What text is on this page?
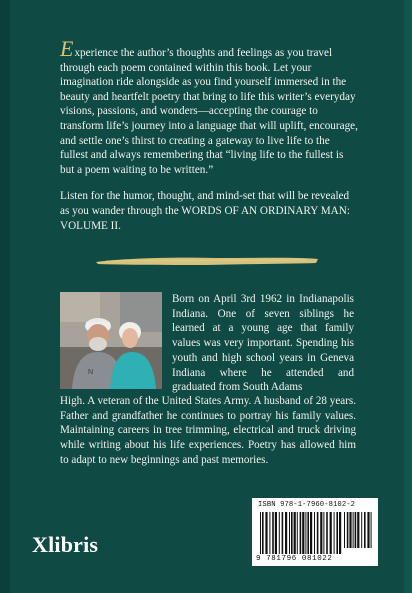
Experience the author’s thoughts and feelings as you travel through each poem contained within this book. Let your imagination ride alongside as you find yourself immersed in the beauty and heartfelt poetry that bring to life this writer’s everyday visions, passions, and wonders—accepting the courage to transform life’s journey into a language that will uplift, encourage, and settle one’s thirst to creating a gateway to live life to the fullest and always remembering that “living life to the fullest is but a poem waiting to be written.”

Listen for the humor, thought, and mind-set that will be revealed as you wander through the WORDS OF AN ORDINARY MAN: VOLUME II.

N

Born on April 3rd 1962 in Indianapolis Indiana. One of seven siblings he learned at a young age that family values was very important. Spending his youth and high school years in Geneva Indiana where he attended and graduated from South Adams

High. A veteran of the United States Army. A husband of 28 years. Father and grandfather he continues to portray his family values. Maintaining careers in tree trimming, electrical and truck driving while writing about his life experiences. Poetry has allowed him to adapt to new beginnings and past memories.

Xlibris
ISBN 978-1-7960-8102-2
9 781796 081022
